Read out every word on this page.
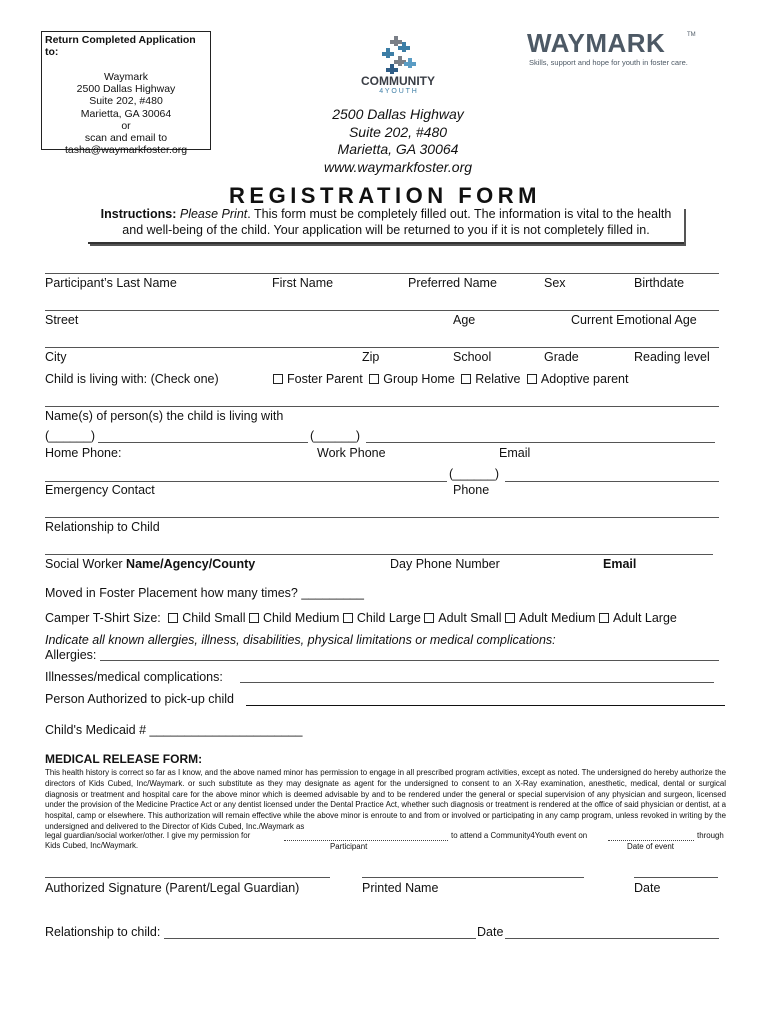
Return Completed Application to:
Waymark
2500 Dallas Highway
Suite 202, #480
Marietta, GA 30064
or
scan and email to
tasha@waymarkfoster.org
COMMUNITY
4 Y O U T H
WAYMARK	TM
Skills, support and hope for youth in foster care.
2500 Dallas Highway
Suite 202, #480
Marietta, GA 30064
www.waymarkfoster.org
REGISTRATION FORM
Instructions: Please Print. This form must be completely filled out. The information is vital to the health
and well-being of the child. Your application will be returned to you if it is not completely filled in.
Participant’s Last Name	First Name	Preferred Name	Sex	Birthdate
Street	Age	Current Emotional Age
City	Zip	School	Grade	Reading level
Child is living with: (Check one)	Foster Parent Group Home Relative Adoptive parent
Name(s) of person(s) the child is living with
(______)	(______)
Home Phone:	Work Phone	Email
(______)
Emergency Contact	Phone
Relationship to Child
Social Worker Name/Agency/County	Day Phone Number	Email
Moved in Foster Placement how many times? _________
Camper T-Shirt Size: Child Small Child Medium Child Large Adult Small Adult Medium Adult Large
Indicate all known allergies, illness, disabilities, physical limitations or medical complications:
Allergies:
Illnesses/medical complications:
Person Authorized to pick-up child
Child's Medicaid # ______________________
MEDICAL RELEASE FORM:
This health history is correct so far as I know, and the above named minor has permission to engage in all prescribed program activities, except as noted. The undersigned do hereby authorize the directors of Kids Cubed, Inc/Waymark. or such substitute as they may designate as agent for the undersigned to consent to an X-Ray examination, anesthetic, medical, dental or surgical diagnosis or treatment and hospital care for the above minor which is deemed advisable by and to be rendered under the general or special supervision of any physician and surgeon, licensed under the provision of the Medicine Practice Act or any dentist licensed under the Dental Practice Act, whether such diagnosis or treatment is rendered at the office of said physician or dentist, at a hospital, camp or elsewhere. This authorization will remain effective while the above minor is enroute to and from or involved or participating in any camp program, unless revoked in writing by the undersigned and delivered to the Director of Kids Cubed, Inc./Waymark as
legal guardian/social worker/other. I give my permission for	to attend a Community4Youth event on	through
Kids Cubed, Inc/Waymark.	Participant	Date of event
Authorized Signature (Parent/Legal Guardian)	Printed Name	Date
Relationship to child:	Date
